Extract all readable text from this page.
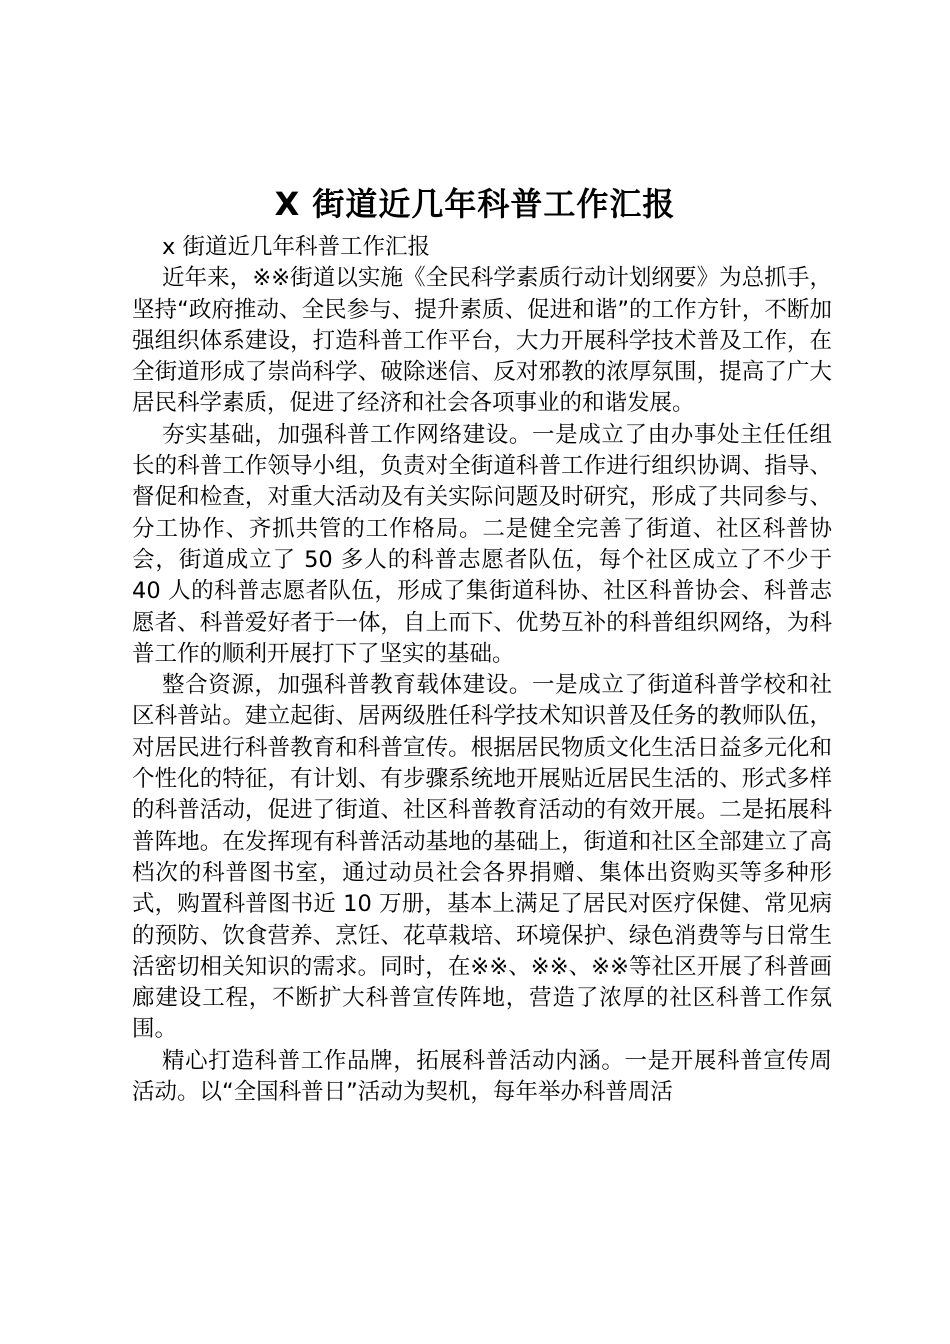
X 街道近几年科普工作汇报

x 街道近几年科普工作汇报

近年来，※※街道以实施《全民科学素质行动计划纲要》为总抓手，坚持“政府推动、全民参与、提升素质、促进和谐”的工作方针，不断加强组织体系建设，打造科普工作平台，大力开展科学技术普及工作，在全街道形成了崇尚科学、破除迷信、反对邪教的浓厚氛围，提高了广大居民科学素质，促进了经济和社会各项事业的和谐发展。

夯实基础，加强科普工作网络建设。一是成立了由办事处主任任组长的科普工作领导小组，负责对全街道科普工作进行组织协调、指导、督促和检查，对重大活动及有关实际问题及时研究，形成了共同参与、分工协作、齐抓共管的工作格局。二是健全完善了街道、社区科普协会，街道成立了 50 多人的科普志愿者队伍，每个社区成立了不少于 40 人的科普志愿者队伍，形成了集街道科协、社区科普协会、科普志愿者、科普爱好者于一体，自上而下、优势互补的科普组织网络，为科普工作的顺利开展打下了坚实的基础。

整合资源，加强科普教育载体建设。一是成立了街道科普学校和社区科普站。建立起街、居两级胜任科学技术知识普及任务的教师队伍，对居民进行科普教育和科普宣传。根据居民物质文化生活日益多元化和个性化的特征，有计划、有步骤系统地开展贴近居民生活的、形式多样的科普活动，促进了街道、社区科普教育活动的有效开展。二是拓展科普阵地。在发挥现有科普活动基地的基础上，街道和社区全部建立了高档次的科普图书室，通过动员社会各界捐赠、集体出资购买等多种形式，购置科普图书近 10 万册，基本上满足了居民对医疗保健、常见病的预防、饮食营养、烹饪、花草栽培、环境保护、绿色消费等与日常生活密切相关知识的需求。同时，在※※、※※、※※等社区开展了科普画廊建设工程，不断扩大科普宣传阵地，营造了浓厚的社区科普工作氛围。

精心打造科普工作品牌，拓展科普活动内涵。一是开展科普宣传周活动。以“全国科普日”活动为契机，每年举办科普周活
